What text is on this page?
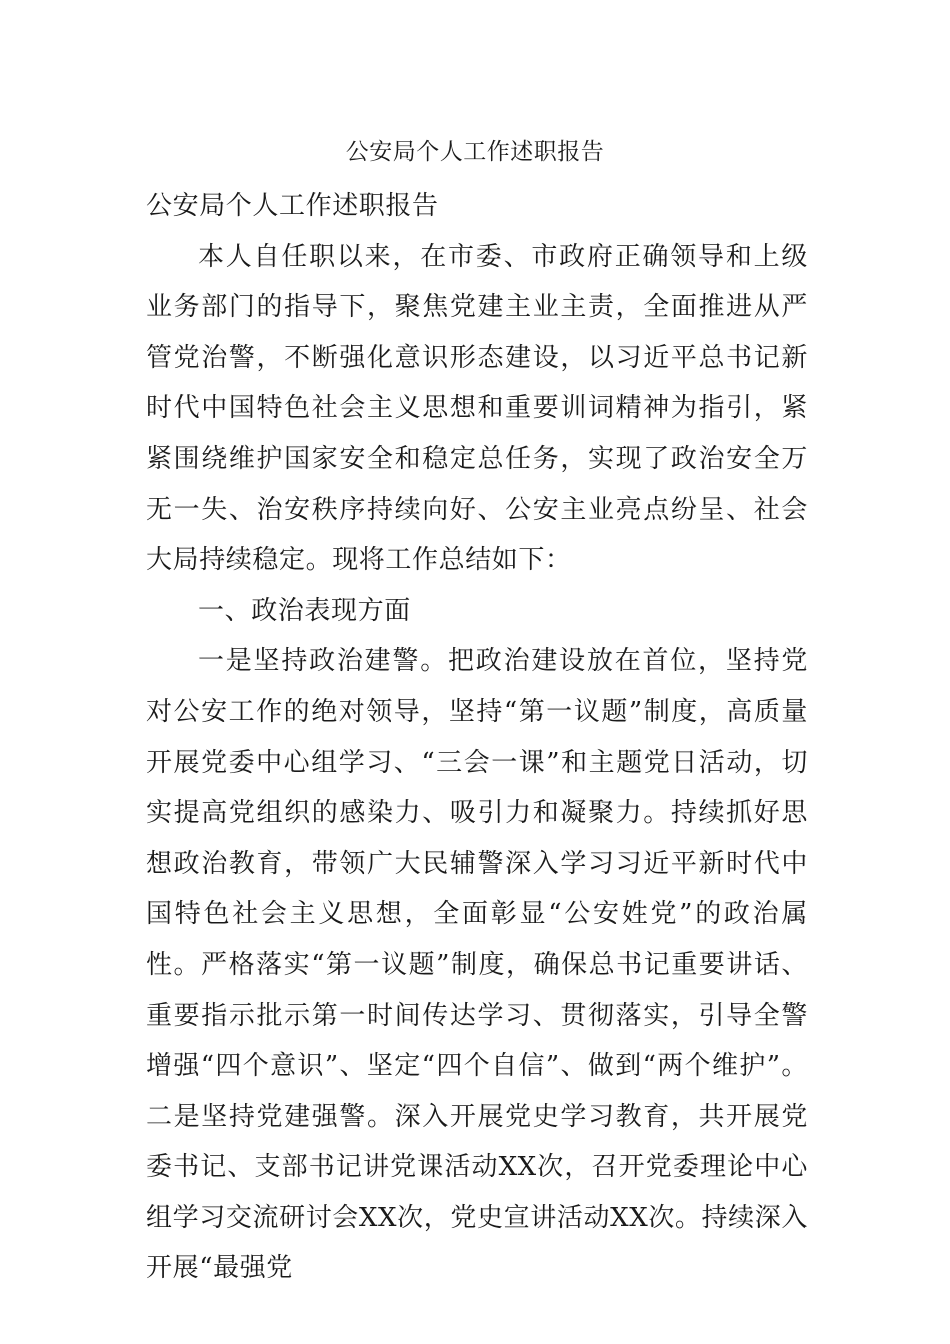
公安局个人工作述职报告

公安局个人工作述职报告

本人自任职以来，在市委、市政府正确领导和上级业务部门的指导下，聚焦党建主业主责，全面推进从严管党治警，不断强化意识形态建设，以习近平总书记新时代中国特色社会主义思想和重要训词精神为指引，紧紧围绕维护国家安全和稳定总任务，实现了政治安全万无一失、治安秩序持续向好、公安主业亮点纷呈、社会大局持续稳定。现将工作总结如下：

一、政治表现方面

一是坚持政治建警。把政治建设放在首位，坚持党对公安工作的绝对领导，坚持“第一议题”制度，高质量开展党委中心组学习、“三会一课”和主题党日活动，切实提高党组织的感染力、吸引力和凝聚力。持续抓好思想政治教育，带领广大民辅警深入学习习近平新时代中国特色社会主义思想，全面彰显“公安姓党”的政治属性。严格落实“第一议题”制度，确保总书记重要讲话、重要指示批示第一时间传达学习、贯彻落实，引导全警增强“四个意识”、坚定“四个自信”、做到“两个维护”。二是坚持党建强警。深入开展党史学习教育，共开展党委书记、支部书记讲党课活动XX次，召开党委理论中心组学习交流研讨会XX次，党史宣讲活动XX次。持续深入开展“最强党
